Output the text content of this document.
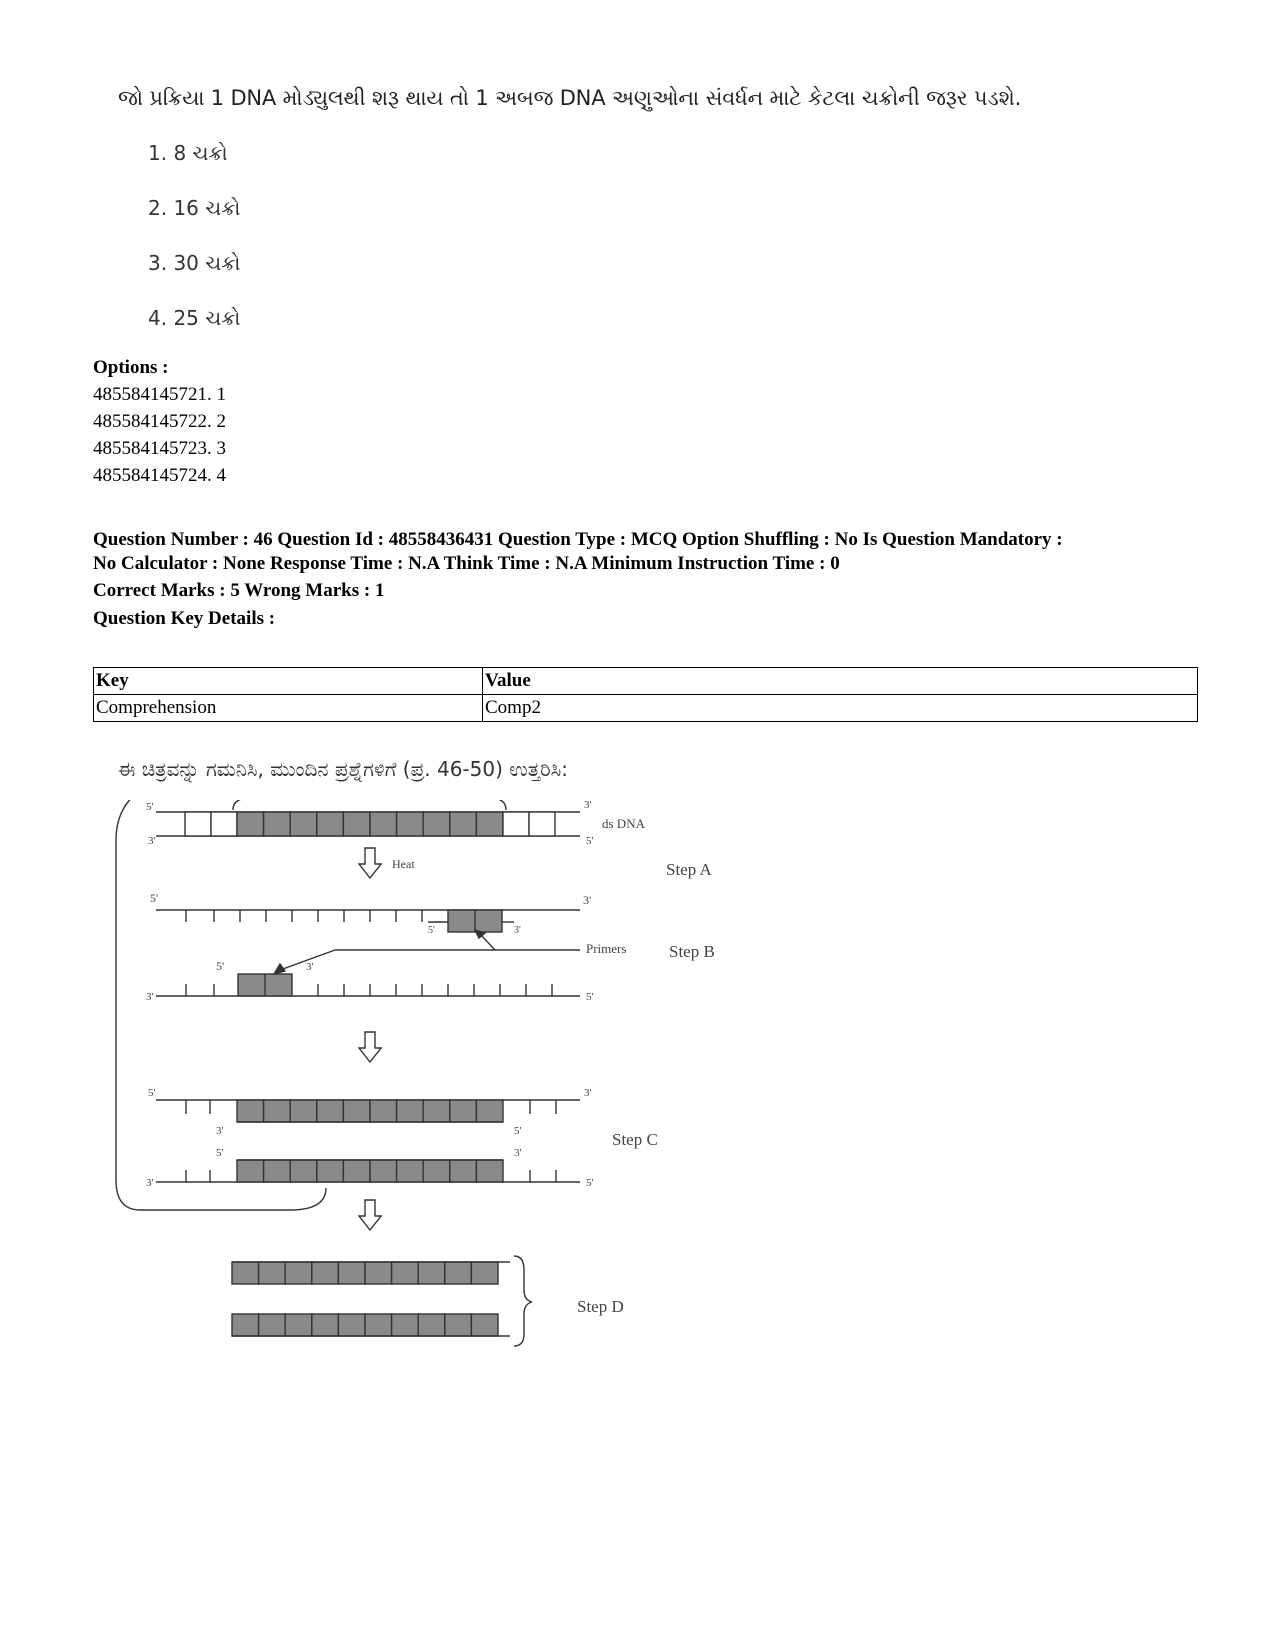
જો પ્રક્રિયા 1 DNA મોડ્યુલથી શરૂ થાય તો 1 અબજ DNA અણુઓના સંવર્ધન માટે કેટલા ચક્રોની જરૂર પડશે.
1. 8 ચક્રો
2. 16 ચક્રો
3. 30 ચક્રો
4. 25 ચક્રો
Options :
485584145721. 1
485584145722. 2
485584145723. 3
485584145724. 4
Question Number : 46 Question Id : 48558436431 Question Type : MCQ Option Shuffling : No Is Question Mandatory :
No Calculator : None Response Time : N.A Think Time : N.A Minimum Instruction Time : 0
Correct Marks : 5 Wrong Marks : 1
Question Key Details :
Key	Value
Comprehension	Comp2
ಈ ಚಿತ್ರವನ್ನು ಗಮನಿಸಿ, ಮುಂದಿನ ಪ್ರಶ್ನೆಗಳಿಗೆ (ಪ್ರ. 46-50) ಉತ್ತರಿಸಿ:
ds DNA
Heat
Primers
Step A
Step B
Step C
Step D
5'	3'
3'	5'
5'	3'
5'	3'
5'	3'
3'	5'
5'	3'
3'	5'
5'	3'
3'	5'
